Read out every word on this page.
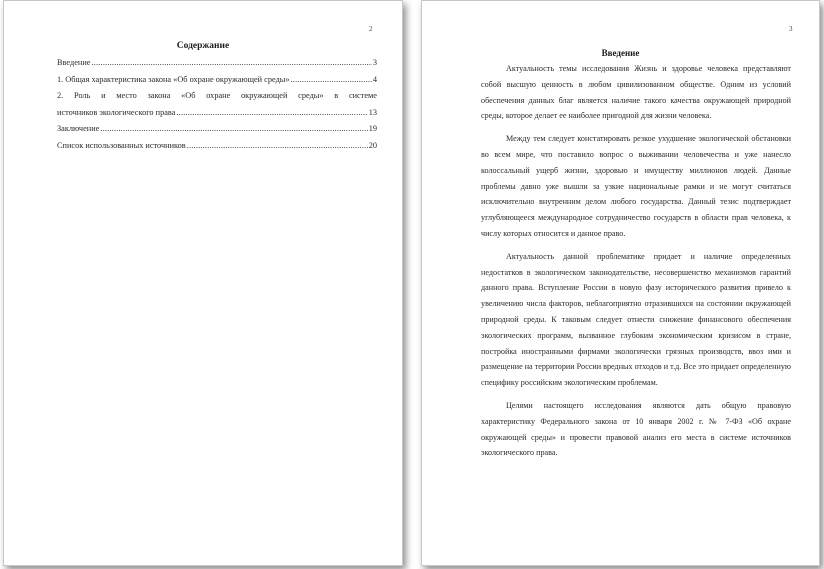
2
Содержание
Введение .....	3
1. Общая характеристика закона «Об охране окружающей среды» .....	4
2. Роль и место закона «Об охране окружающей среды» в системе
источников экологического права .....	13
Заключение .....	19
Список использованных источников .....	20
3
Введение

Актуальность темы исследования Жизнь и здоровье человека представляют собой высшую ценность в любом цивилизованном обществе. Одним из условий обеспечения данных благ является наличие такого качества окружающей природной среды, которое делает ее наиболее пригодной для жизни человека.

Между тем следует констатировать резкое ухудшение экологической обстановки во всем мире, что поставило вопрос о выживании человечества и уже нанесло колоссальный ущерб жизни, здоровью и имуществу миллионов людей. Данные проблемы давно уже вышли за узкие национальные рамки и не могут считаться исключительно внутренним делом любого государства. Данный тезис подтверждает углубляющееся международное сотрудничество государств в области прав человека, к числу которых относится и данное право.

Актуальность данной проблематике придает и наличие определенных недостатков в экологическом законодательстве, несовершенство механизмов гарантий данного права. Вступление России в новую фазу исторического развития привело к увеличению числа факторов, неблагоприятно отразившихся на состоянии окружающей природной среды. К таковым следует отнести снижение финансового обеспечения экологических программ, вызванное глубоким экономическим кризисом в стране, постройка иностранными фирмами экологически грязных производств, ввоз ими и размещение на территории России вредных отходов и т.д. Все это придает определенную специфику российским экологическим проблемам.

Целями настоящего исследования являются дать общую правовую характеристику Федерального закона от 10 января 2002 г. № 7-ФЗ «Об охране окружающей среды» и провести правовой анализ его места в системе источников экологического права.
